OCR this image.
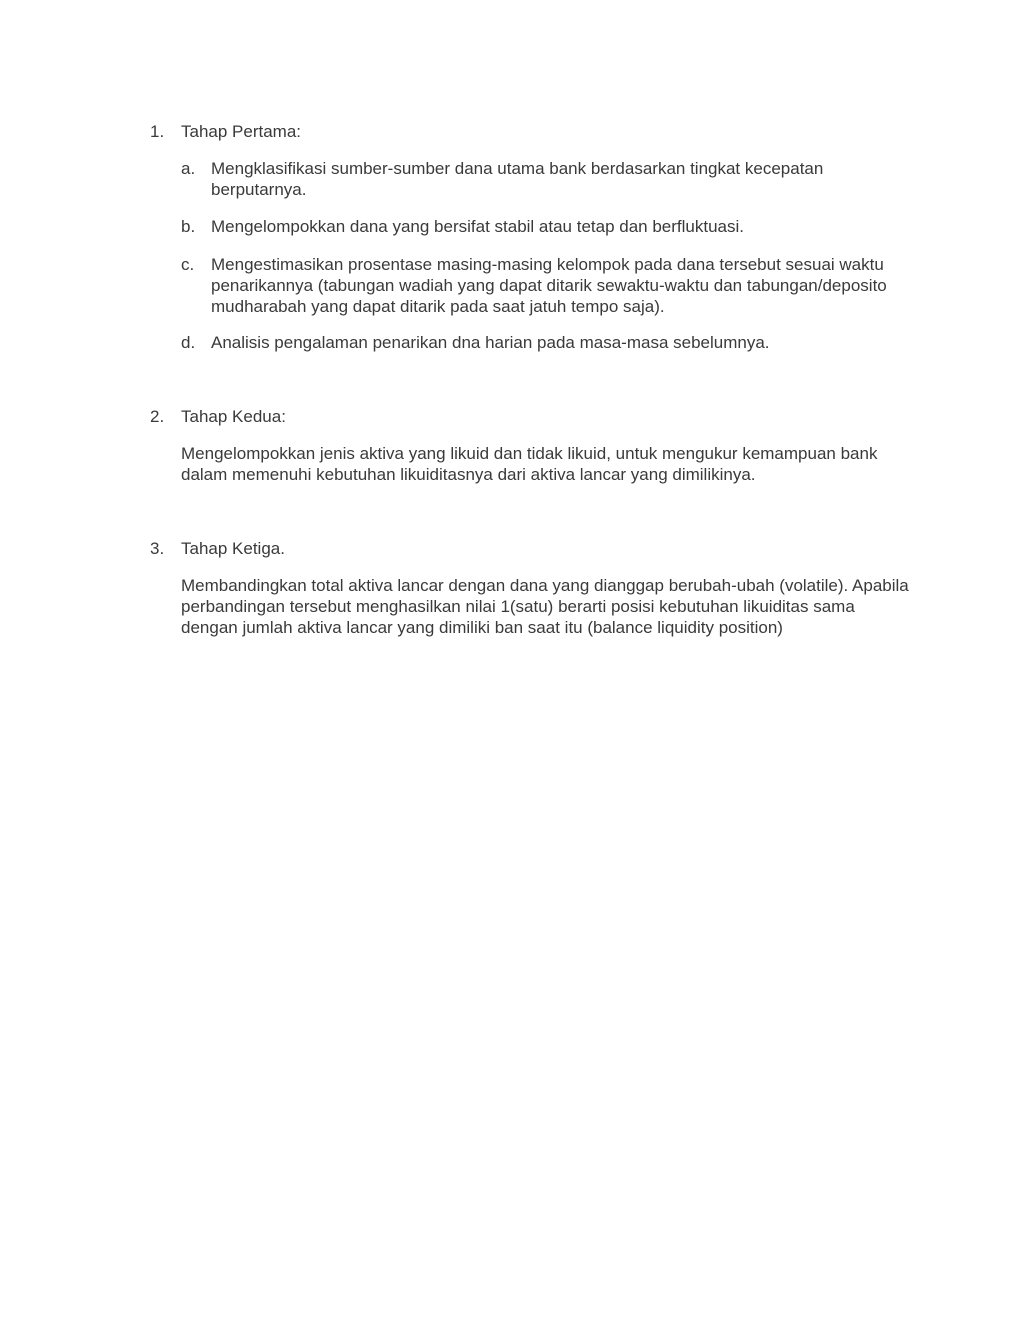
1. Tahap Pertama:
a. Mengklasifikasi sumber-sumber dana utama bank berdasarkan tingkat kecepatan berputarnya.
b. Mengelompokkan dana yang bersifat stabil atau tetap dan berfluktuasi.
c. Mengestimasikan prosentase masing-masing kelompok pada dana tersebut sesuai waktu penarikannya (tabungan wadiah yang dapat ditarik sewaktu-waktu dan tabungan/deposito mudharabah yang dapat ditarik pada saat jatuh tempo saja).
d. Analisis pengalaman penarikan dna harian pada masa-masa sebelumnya.
2. Tahap Kedua:
Mengelompokkan jenis aktiva yang likuid dan tidak likuid, untuk mengukur kemampuan bank dalam memenuhi kebutuhan likuiditasnya dari aktiva lancar yang dimilikinya.
3. Tahap Ketiga.
Membandingkan total aktiva lancar dengan dana yang dianggap berubah-ubah (volatile). Apabila perbandingan tersebut menghasilkan nilai 1(satu) berarti posisi kebutuhan likuiditas sama dengan jumlah aktiva lancar yang dimiliki ban saat itu (balance liquidity position)
